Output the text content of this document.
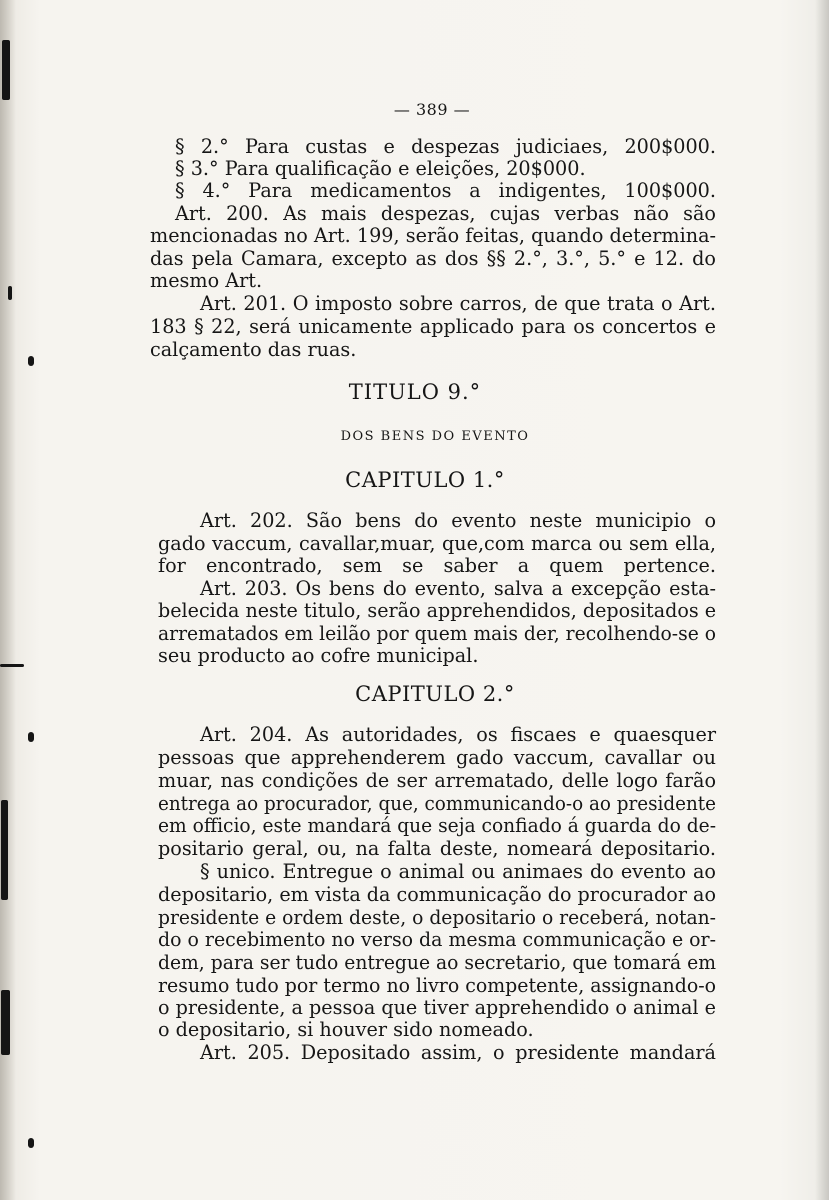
— 389 —
§ 2.° Para custas e despezas judiciaes, 200$000.
§ 3.° Para qualificação e eleições, 20$000.
§ 4.° Para medicamentos a indigentes, 100$000.
Art. 200. As mais despezas, cujas verbas não são
mencionadas no Art. 199, serão feitas, quando determina-
das pela Camara, excepto as dos §§ 2.°, 3.°, 5.° e 12. do
mesmo Art.
Art. 201. O imposto sobre carros, de que trata o Art.
183 § 22, será unicamente applicado para os concertos e
calçamento das ruas.
TITULO 9.°
DOS BENS DO EVENTO
CAPITULO 1.°
Art. 202. São bens do evento neste municipio o
gado vaccum, cavallar,muar, que,com marca ou sem ella,
for encontrado, sem se saber a quem pertence.
Art. 203. Os bens do evento, salva a excepção esta-
belecida neste titulo, serão apprehendidos, depositados e
arrematados em leilão por quem mais der, recolhendo-se o
seu producto ao cofre municipal.
CAPITULO 2.°
Art. 204. As autoridades, os fiscaes e quaesquer
pessoas que apprehenderem gado vaccum, cavallar ou
muar, nas condições de ser arrematado, delle logo farão
entrega ao procurador, que, communicando-o ao presidente
em officio, este mandará que seja confiado á guarda do de-
positario geral, ou, na falta deste, nomeará depositario.
§ unico. Entregue o animal ou animaes do evento ao
depositario, em vista da communicação do procurador ao
presidente e ordem deste, o depositario o receberá, notan-
do o recebimento no verso da mesma communicação e or-
dem, para ser tudo entregue ao secretario, que tomará em
resumo tudo por termo no livro competente, assignando-o
o presidente, a pessoa que tiver apprehendido o animal e
o depositario, si houver sido nomeado.
Art. 205. Depositado assim, o presidente mandará
